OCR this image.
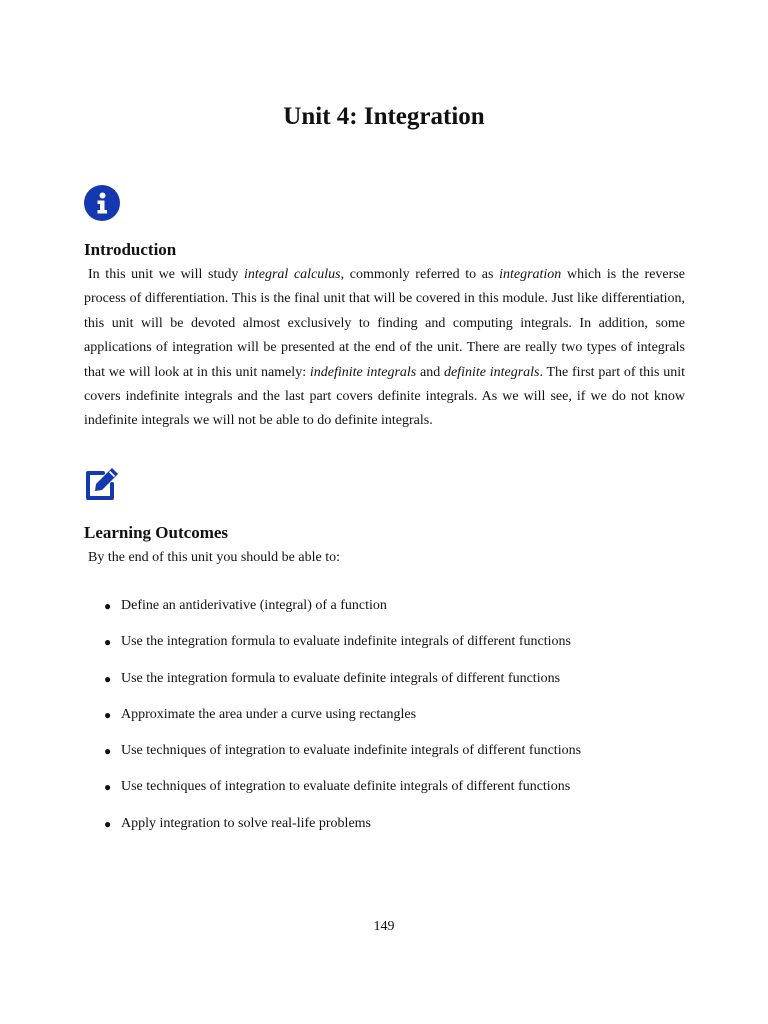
Unit 4: Integration
Introduction

In this unit we will study integral calculus, commonly referred to as integration which is the reverse process of differentiation. This is the final unit that will be covered in this module. Just like differentiation, this unit will be devoted almost exclusively to finding and computing integrals. In addition, some applications of integration will be presented at the end of the unit. There are really two types of integrals that we will look at in this unit namely: indefinite integrals and definite integrals. The first part of this unit covers indefinite integrals and the last part covers definite integrals. As we will see, if we do not know indefinite integrals we will not be able to do definite integrals.

Learning Outcomes

By the end of this unit you should be able to:

● Define an antiderivative (integral) of a function
● Use the integration formula to evaluate indefinite integrals of different functions
● Use the integration formula to evaluate definite integrals of different functions
● Approximate the area under a curve using rectangles
● Use techniques of integration to evaluate indefinite integrals of different functions
● Use techniques of integration to evaluate definite integrals of different functions
● Apply integration to solve real-life problems

149
